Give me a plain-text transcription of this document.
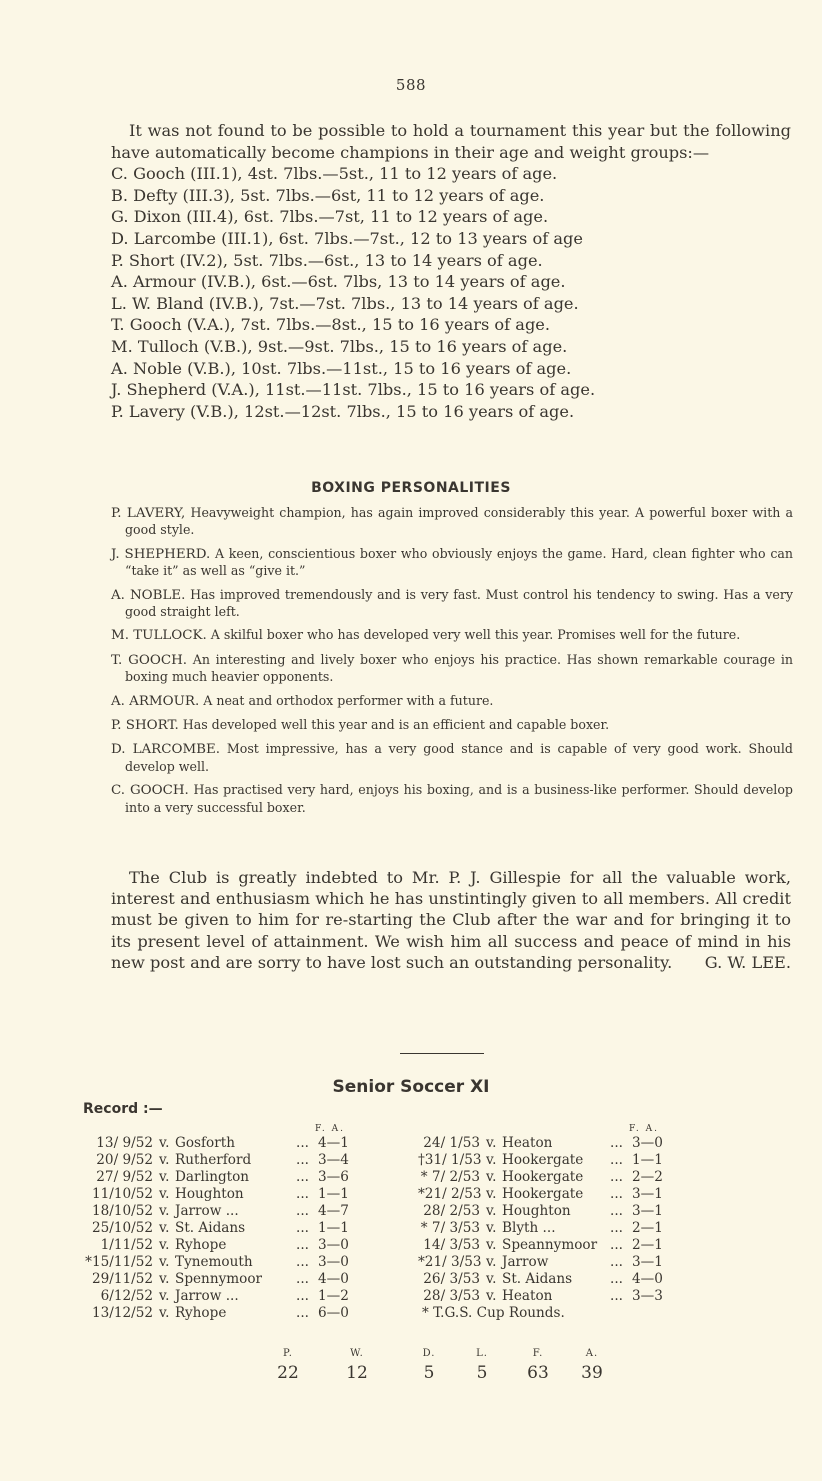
588

It was not found to be possible to hold a tournament this year but the following have automatically become champions in their age and weight groups:—

C. Gooch (III.1), 4st. 7lbs.—5st., 11 to 12 years of age.
B. Defty (III.3), 5st. 7lbs.—6st, 11 to 12 years of age.
G. Dixon (III.4), 6st. 7lbs.—7st, 11 to 12 years of age.
D. Larcombe (III.1), 6st. 7lbs.—7st., 12 to 13 years of age
P. Short (IV.2), 5st. 7lbs.—6st., 13 to 14 years of age.
A. Armour (IV.B.), 6st.—6st. 7lbs, 13 to 14 years of age.
L. W. Bland (IV.B.), 7st.—7st. 7lbs., 13 to 14 years of age.
T. Gooch (V.A.), 7st. 7lbs.—8st., 15 to 16 years of age.
M. Tulloch (V.B.), 9st.—9st. 7lbs., 15 to 16 years of age.
A. Noble (V.B.), 10st. 7lbs.—11st., 15 to 16 years of age.
J. Shepherd (V.A.), 11st.—11st. 7lbs., 15 to 16 years of age.
P. Lavery (V.B.), 12st.—12st. 7lbs., 15 to 16 years of age.
BOXING PERSONALITIES

P. LAVERY, Heavyweight champion, has again improved considerably this year. A powerful boxer with a good style.

J. SHEPHERD. A keen, conscientious boxer who obviously enjoys the game. Hard, clean fighter who can “take it” as well as “give it.”

A. NOBLE. Has improved tremendously and is very fast. Must control his tendency to swing. Has a very good straight left.

M. TULLOCK. A skilful boxer who has developed very well this year. Promises well for the future.

T. GOOCH. An interesting and lively boxer who enjoys his practice. Has shown remarkable courage in boxing much heavier opponents.

A. ARMOUR. A neat and orthodox performer with a future.

P. SHORT. Has developed well this year and is an efficient and capable boxer.

D. LARCOMBE. Most impressive, has a very good stance and is capable of very good work. Should develop well.

C. GOOCH. Has practised very hard, enjoys his boxing, and is a business-like performer. Should develop into a very successful boxer.

The Club is greatly indebted to Mr. P. J. Gillespie for all the valuable work, interest and enthusiasm which he has unstintingly given to all members. All credit must be given to him for re-starting the Club after the war and for bringing it to its present level of attainment. We wish him all success and peace of mind in his new post and are sorry to have lost such an outstanding personality.	G. W. LEE.

Senior Soccer XI
Record :—
F. A.
13/ 9/52 v. Gosforth	... 4—1
20/ 9/52 v. Rutherford	... 3—4
27/ 9/52 v. Darlington	... 3—6
11/10/52 v. Houghton	... 1—1
18/10/52 v. Jarrow ...	... 4—7
25/10/52 v. St. Aidans	... 1—1
1/11/52 v. Ryhope	... 3—0
*15/11/52 v. Tynemouth	... 3—0
29/11/52 v. Spennymoor ... 4—0
6/12/52 v. Jarrow ...	... 1—2
13/12/52 v. Ryhope	... 6—0
F. A.
24/ 1/53 v. Heaton	... 3—0
†31/ 1/53 v. Hookergate ... 1—1
* 7/ 2/53 v. Hookergate ... 2—2
*21/ 2/53 v. Hookergate ... 3—1
28/ 2/53 v. Houghton	... 3—1
* 7/ 3/53 v. Blyth ...	... 2—1
14/ 3/53 v. Speannymoor ... 2—1
*21/ 3/53 v. Jarrow	... 3—1
26/ 3/53 v. St. Aidans	... 4—0
28/ 3/53 v. Heaton	... 3—3
* T.G.S. Cup Rounds.
P.
22
W.
12
D.
5
L.
5
F.
63
A.
39
